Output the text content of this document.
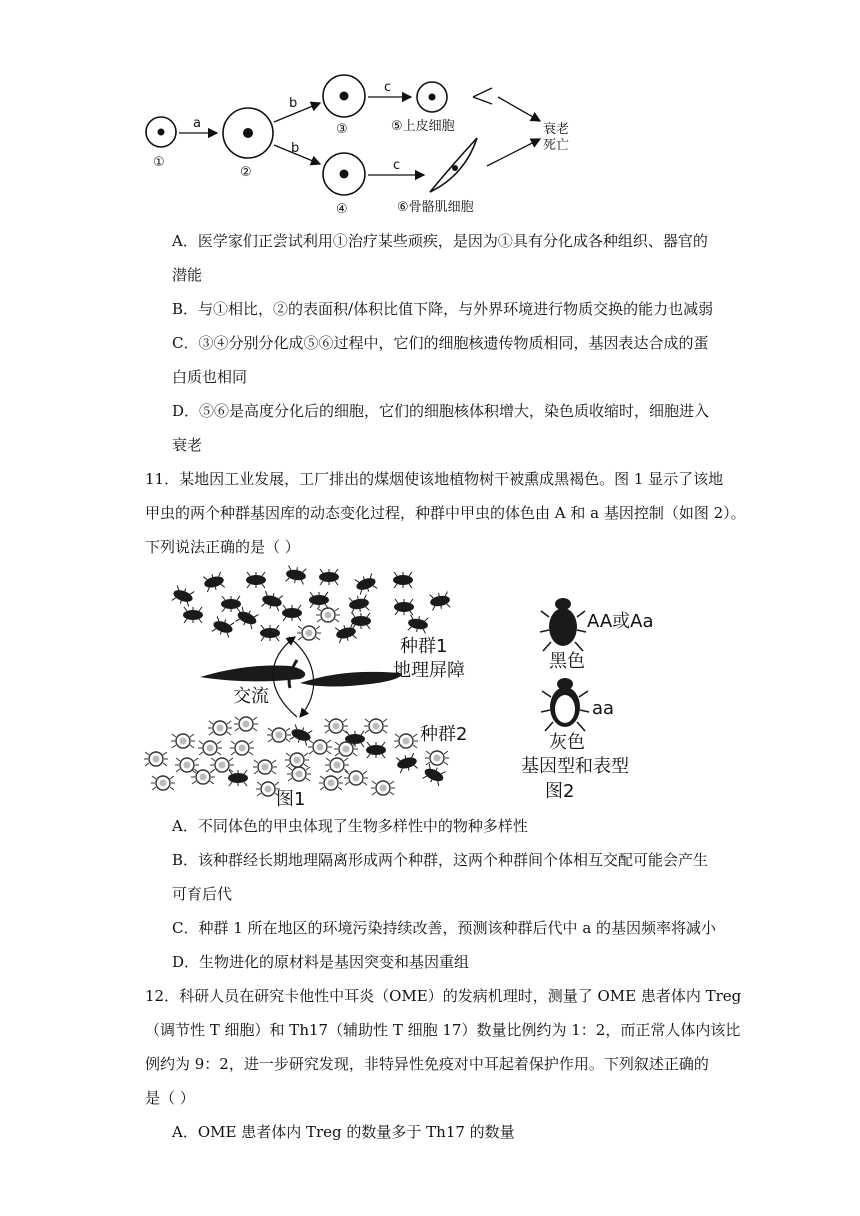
①
a
②
b
b
③
④
c
c
⑤上皮细胞
⑥骨骼肌细胞
衰老
死亡
A．医学家们正尝试利用①治疗某些顽疾，是因为①具有分化成各种组织、器官的
潜能
B．与①相比，②的表面积/体积比值下降，与外界环境进行物质交换的能力也减弱
C．③④分别分化成⑤⑥过程中，它们的细胞核遗传物质相同，基因表达合成的蛋
白质也相同
D．⑤⑥是高度分化后的细胞，它们的细胞核体积增大，染色质收缩时，细胞进入
衰老
11．某地因工业发展，工厂排出的煤烟使该地植物树干被熏成黑褐色。图 1 显示了该地
甲虫的两个种群基因库的动态变化过程，种群中甲虫的体色由 A 和 a 基因控制（如图 2）。
下列说法正确的是（ ）
种群1
地理屏障
交流
种群2
图1
AA或Aa
黑色
aa
灰色
基因型和表型
图2
A．不同体色的甲虫体现了生物多样性中的物种多样性
B．该种群经长期地理隔离形成两个种群，这两个种群间个体相互交配可能会产生
可育后代
C．种群 1 所在地区的环境污染持续改善，预测该种群后代中 a 的基因频率将减小
D．生物进化的原材料是基因突变和基因重组
12．科研人员在研究卡他性中耳炎（OME）的发病机理时，测量了 OME 患者体内 Treg
（调节性 T 细胞）和 Th17（辅助性 T 细胞 17）数量比例约为 1：2，而正常人体内该比
例约为 9：2，进一步研究发现，非特异性免疫对中耳起着保护作用。下列叙述正确的
是（ ）
A．OME 患者体内 Treg 的数量多于 Th17 的数量
